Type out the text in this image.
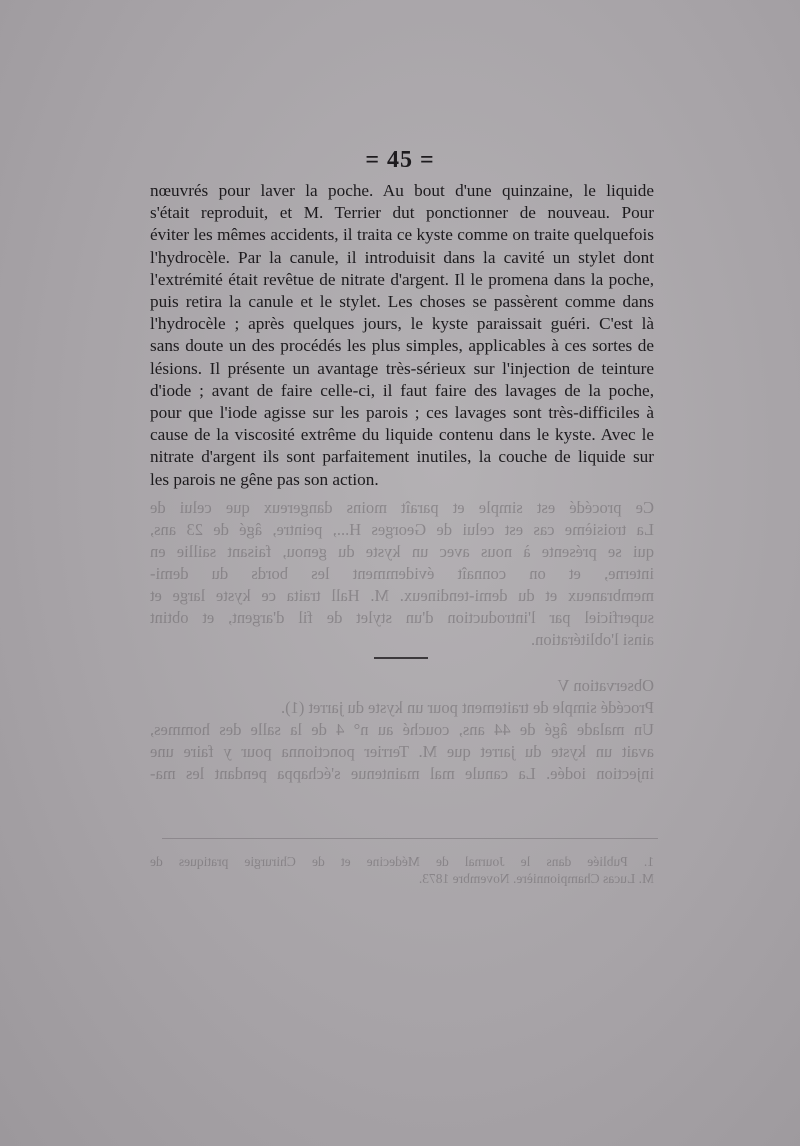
Ce procédé est simple et paraît moins dangereux que celui de
La troisième cas est celui de Georges H..., peintre, âgé de 23 ans,
qui se présente à nous avec un kyste du genou, faisant saillie en
interne, et on connaît évidemment les bords du demi-
membraneux et du demi-tendineux. M. Hall traita ce kyste large et
superficiel par l'introduction d'un stylet de fil d'argent, et obtint
ainsi l'oblitération.
Observation V
Procédé simple de traitement pour un kyste du jarret (1).
Un malade âgé de 44 ans, couché au n° 4 de la salle des hommes,
avait un kyste du jarret que M. Terrier ponctionna pour y faire une
injection iodée. La canule mal maintenue s'échappa pendant les ma-
1. Publiée dans le Journal de Médecine et de Chirurgie pratiques de
M. Lucas Championnière. Novembre 1873.
= 45 =
nœuvrés pour laver la poche. Au bout d'une quinzaine, le liquide
s'était reproduit, et M. Terrier dut ponctionner de nouveau. Pour
éviter les mêmes accidents, il traita ce kyste comme on traite quelquefois
l'hydrocèle. Par la canule, il introduisit dans la cavité un stylet dont
l'extrémité était revêtue de nitrate d'argent. Il le promena dans la poche,
puis retira la canule et le stylet. Les choses se passèrent comme dans
l'hydrocèle ; après quelques jours, le kyste paraissait guéri. C'est là
sans doute un des procédés les plus simples, applicables à ces sortes de
lésions. Il présente un avantage très-sérieux sur l'injection de teinture
d'iode ; avant de faire celle-ci, il faut faire des lavages de la poche,
pour que l'iode agisse sur les parois ; ces lavages sont très-difficiles à
cause de la viscosité extrême du liquide contenu dans le kyste. Avec le
nitrate d'argent ils sont parfaitement inutiles, la couche de liquide sur
les parois ne gêne pas son action.
